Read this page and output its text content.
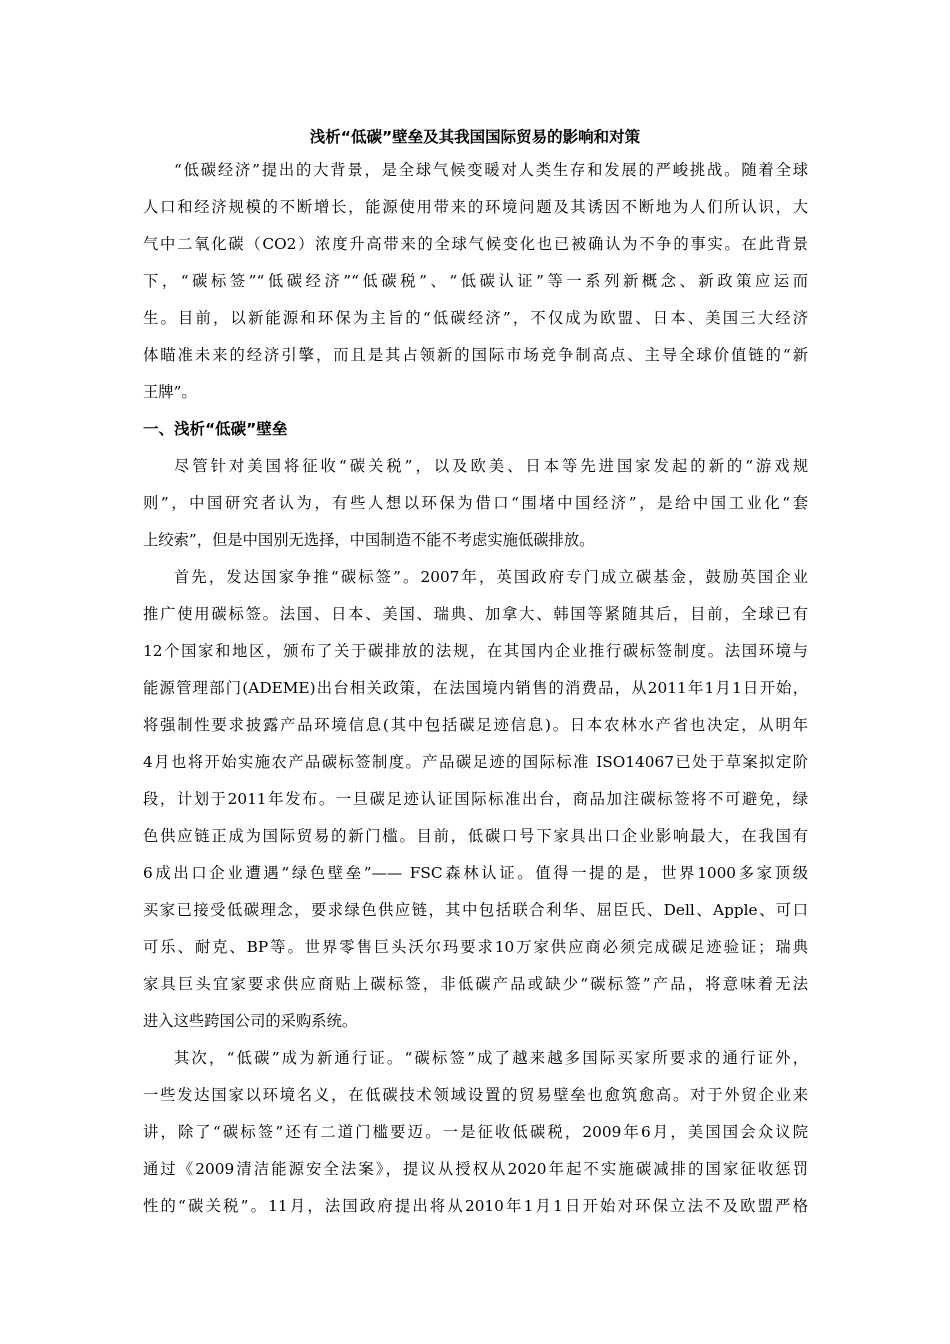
浅析“低碳”壁垒及其我国国际贸易的影响和对策
“低碳经济”提出的大背景，是全球气候变暖对人类生存和发展的严峻挑战。随着全球
人口和经济规模的不断增长，能源使用带来的环境问题及其诱因不断地为人们所认识，大
气中二氧化碳（CO2）浓度升高带来的全球气候变化也已被确认为不争的事实。在此背景
下，“碳标签”“低碳经济”“低碳税”、“低碳认证”等一系列新概念、新政策应运而
生。目前，以新能源和环保为主旨的“低碳经济”，不仅成为欧盟、日本、美国三大经济
体瞄准未来的经济引擎，而且是其占领新的国际市场竞争制高点、主导全球价值链的“新
王牌”。
一、浅析“低碳”壁垒
尽管针对美国将征收“碳关税”，以及欧美、日本等先进国家发起的新的“游戏规
则”，中国研究者认为，有些人想以环保为借口“围堵中国经济”，是给中国工业化“套
上绞索”，但是中国别无选择，中国制造不能不考虑实施低碳排放。
首先，发达国家争推“碳标签”。2007年，英国政府专门成立碳基金，鼓励英国企业
推广使用碳标签。法国、日本、美国、瑞典、加拿大、韩国等紧随其后，目前，全球已有
12个国家和地区，颁布了关于碳排放的法规，在其国内企业推行碳标签制度。法国环境与
能源管理部门(ADEME)出台相关政策，在法国境内销售的消费品，从2011年1月1日开始，
将强制性要求披露产品环境信息(其中包括碳足迹信息)。日本农林水产省也决定，从明年
4月也将开始实施农产品碳标签制度。产品碳足迹的国际标准 ISO14067已处于草案拟定阶
段，计划于2011年发布。一旦碳足迹认证国际标准出台，商品加注碳标签将不可避免，绿
色供应链正成为国际贸易的新门槛。目前，低碳口号下家具出口企业影响最大，在我国有
6成出口企业遭遇“绿色壁垒”—— FSC森林认证。值得一提的是，世界1000多家顶级
买家已接受低碳理念，要求绿色供应链，其中包括联合利华、屈臣氏、Dell、Apple、可口
可乐、耐克、BP等。世界零售巨头沃尔玛要求10万家供应商必须完成碳足迹验证；瑞典
家具巨头宜家要求供应商贴上碳标签，非低碳产品或缺少“碳标签”产品，将意味着无法
进入这些跨国公司的采购系统。
其次，“低碳”成为新通行证。“碳标签”成了越来越多国际买家所要求的通行证外，
一些发达国家以环境名义，在低碳技术领域设置的贸易壁垒也愈筑愈高。对于外贸企业来
讲，除了“碳标签”还有二道门槛要迈。一是征收低碳税，2009年6月，美国国会众议院
通过《2009清洁能源安全法案》，提议从授权从2020年起不实施碳减排的国家征收惩罚
性的“碳关税”。11月，法国政府提出将从2010年1月1日开始对环保立法不及欧盟严格
